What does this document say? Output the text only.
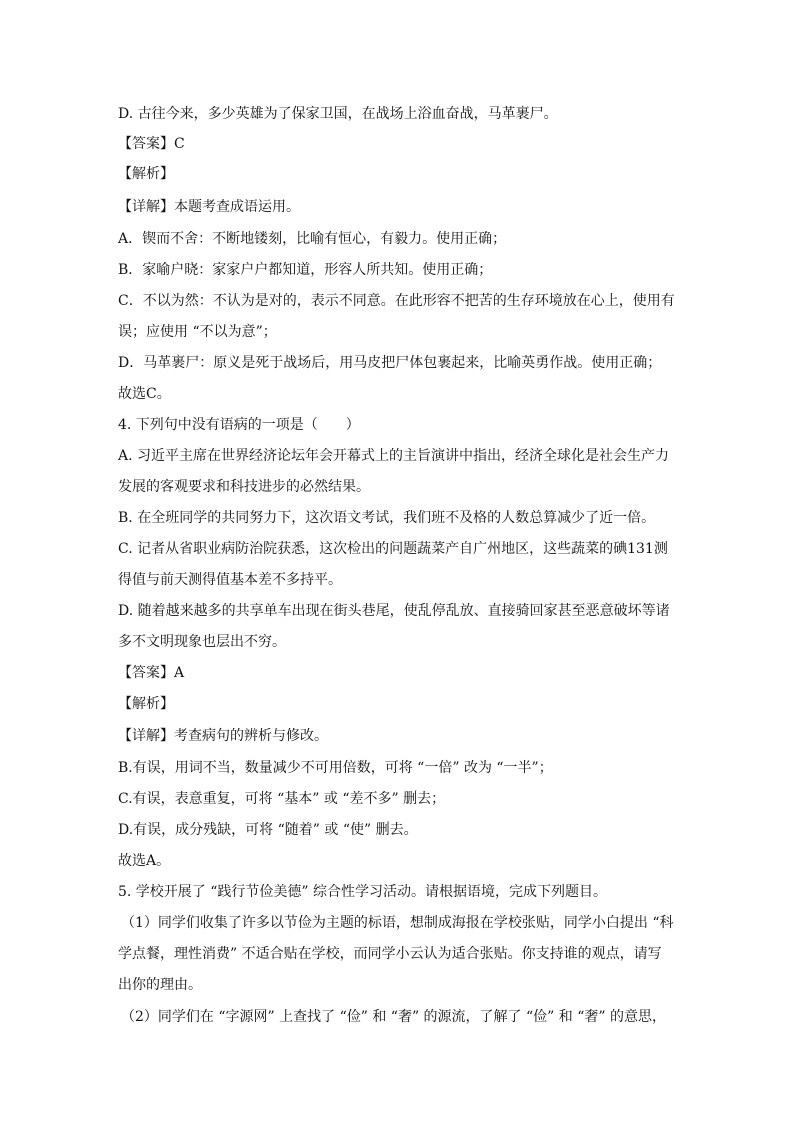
D. 古往今来，多少英雄为了保家卫国，在战场上浴血奋战，马革裹尸。
【答案】C
【解析】
【详解】本题考查成语运用。
A．锲而不舍：不断地镂刻，比喻有恒心，有毅力。使用正确；
B．家喻户晓：家家户户都知道，形容人所共知。使用正确；
C．不以为然：不认为是对的，表示不同意。在此形容不把苦的生存环境放在心上，使用有
误；应使用 “不以为意”；
D．马革裹尸：原义是死于战场后，用马皮把尸体包裹起来，比喻英勇作战。使用正确；
故选C。
4. 下列句中没有语病的一项是（　　）
A. 习近平主席在世界经济论坛年会开幕式上的主旨演讲中指出，经济全球化是社会生产力
发展的客观要求和科技进步的必然结果。
B. 在全班同学的共同努力下，这次语文考试，我们班不及格的人数总算减少了近一倍。
C. 记者从省职业病防治院获悉，这次检出的问题蔬菜产自广州地区，这些蔬菜的碘131测
得值与前天测得值基本差不多持平。
D. 随着越来越多的共享单车出现在街头巷尾，使乱停乱放、直接骑回家甚至恶意破坏等诸
多不文明现象也层出不穷。
【答案】A
【解析】
【详解】考查病句的辨析与修改。
B.有误，用词不当，数量减少不可用倍数，可将 “一倍” 改为 “一半”；
C.有误，表意重复，可将 “基本” 或 “差不多” 删去；
D.有误，成分残缺，可将 “随着” 或 “使” 删去。
故选A。
5. 学校开展了 “践行节俭美德” 综合性学习活动。请根据语境，完成下列题目。
（1）同学们收集了许多以节俭为主题的标语，想制成海报在学校张贴，同学小白提出 “科
学点餐，理性消费” 不适合贴在学校，而同学小云认为适合张贴。你支持谁的观点，请写
出你的理由。
（2）同学们在 “字源网” 上查找了 “俭” 和 “奢” 的源流，了解了 “俭” 和 “奢” 的意思，
